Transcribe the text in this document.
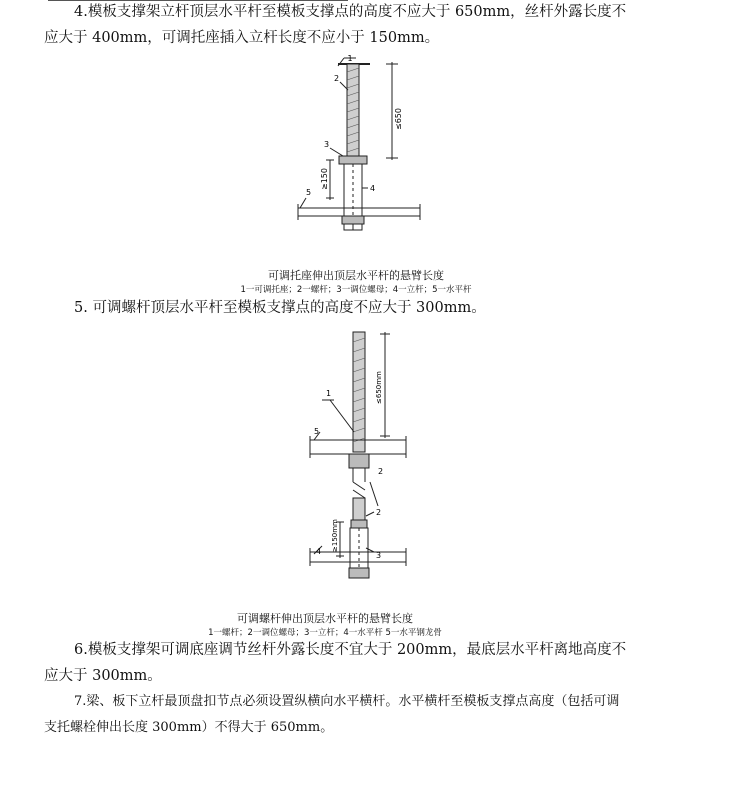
4.模板支撑架立杆顶层水平杆至模板支撑点的高度不应大于 650mm，丝杆外露长度不
应大于 400mm，可调托座插入立杆长度不应小于 150mm。
1
2
3
4
5
≤650
≥150
可调托座伸出顶层水平杆的悬臂长度
1一可调托座；2一螺杆；3一调位螺母；4一立杆；5一水平杆
5. 可调螺杆顶层水平杆至模板支撑点的高度不应大于 300mm。
1
2
2
3
4
5
≤650mm
≥150mm
可调螺杆伸出顶层水平杆的悬臂长度
1一螺杆；2一调位螺母；3一立杆；4一水平杆 5一水平钢龙骨
6.模板支撑架可调底座调节丝杆外露长度不宜大于 200mm，最底层水平杆离地高度不
应大于 300mm。
7.梁、板下立杆最顶盘扣节点必须设置纵横向水平横杆。水平横杆至模板支撑点高度（包括可调
支托螺栓伸出长度 300mm）不得大于 650mm。
